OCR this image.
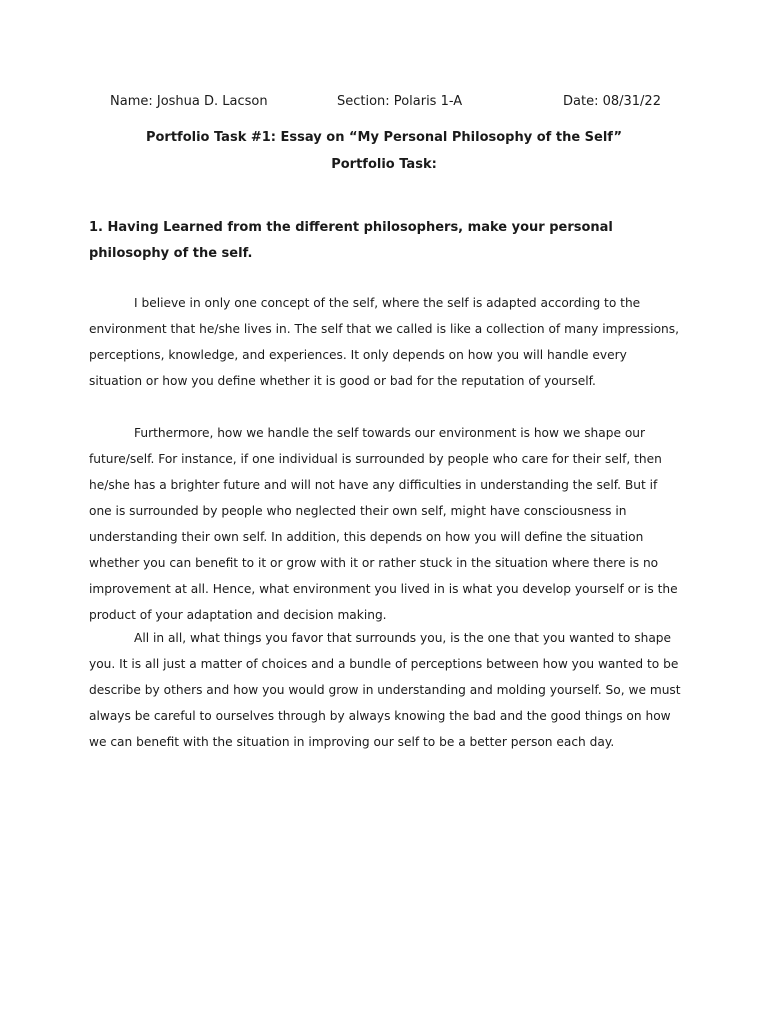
Name: Joshua D. Lacson	Section: Polaris 1-A	Date: 08/31/22
Portfolio Task #1: Essay on “My Personal Philosophy of the Self”
Portfolio Task:
1. Having Learned from the different philosophers, make your personal philosophy of the self.

I believe in only one concept of the self, where the self is adapted according to the environment that he/she lives in. The self that we called is like a collection of many impressions, perceptions, knowledge, and experiences. It only depends on how you will handle every situation or how you define whether it is good or bad for the reputation of yourself.

Furthermore, how we handle the self towards our environment is how we shape our future/self. For instance, if one individual is surrounded by people who care for their self, then he/she has a brighter future and will not have any difficulties in understanding the self. But if one is surrounded by people who neglected their own self, might have consciousness in understanding their own self. In addition, this depends on how you will define the situation whether you can benefit to it or grow with it or rather stuck in the situation where there is no improvement at all. Hence, what environment you lived in is what you develop yourself or is the product of your adaptation and decision making.

All in all, what things you favor that surrounds you, is the one that you wanted to shape you. It is all just a matter of choices and a bundle of perceptions between how you wanted to be describe by others and how you would grow in understanding and molding yourself. So, we must always be careful to ourselves through by always knowing the bad and the good things on how we can benefit with the situation in improving our self to be a better person each day.
